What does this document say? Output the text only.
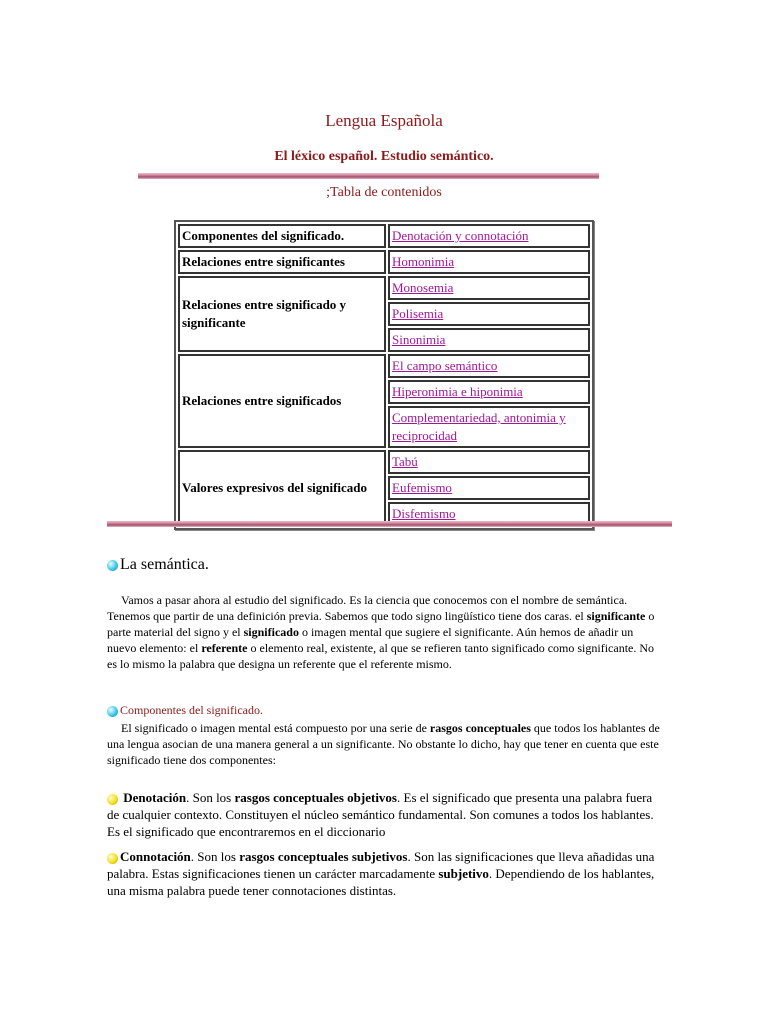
Lengua Española
El léxico español. Estudio semántico.
;Tabla de contenidos
Componentes del significado.	Denotación y connotación
Relaciones entre significantes	Homonimia
Relaciones entre significado y significante	Monosemia
	Polisemia
	Sinonimia
Relaciones entre significados	El campo semántico
	Hiperonimia e hiponimia
	Complementariedad, antonimia y reciprocidad
Valores expresivos del significado	Tabú
	Eufemismo
	Disfemismo
La semántica.
Vamos a pasar ahora al estudio del significado. Es la ciencia que conocemos con el nombre de semántica. Tenemos que partir de una definición previa. Sabemos que todo signo lingüístico tiene dos caras. el significante o parte material del signo y el significado o imagen mental que sugiere el significante. Aún hemos de añadir un nuevo elemento: el referente o elemento real, existente, al que se refieren tanto significado como significante. No es lo mismo la palabra que designa un referente que el referente mismo.
Componentes del significado.
El significado o imagen mental está compuesto por una serie de rasgos conceptuales que todos los hablantes de una lengua asocian de una manera general a un significante. No obstante lo dicho, hay que tener en cuenta que este significado tiene dos componentes:
Denotación. Son los rasgos conceptuales objetivos. Es el significado que presenta una palabra fuera de cualquier contexto. Constituyen el núcleo semántico fundamental. Son comunes a todos los hablantes. Es el significado que encontraremos en el diccionario
Connotación. Son los rasgos conceptuales subjetivos. Son las significaciones que lleva añadidas una palabra. Estas significaciones tienen un carácter marcadamente subjetivo. Dependiendo de los hablantes, una misma palabra puede tener connotaciones distintas.
